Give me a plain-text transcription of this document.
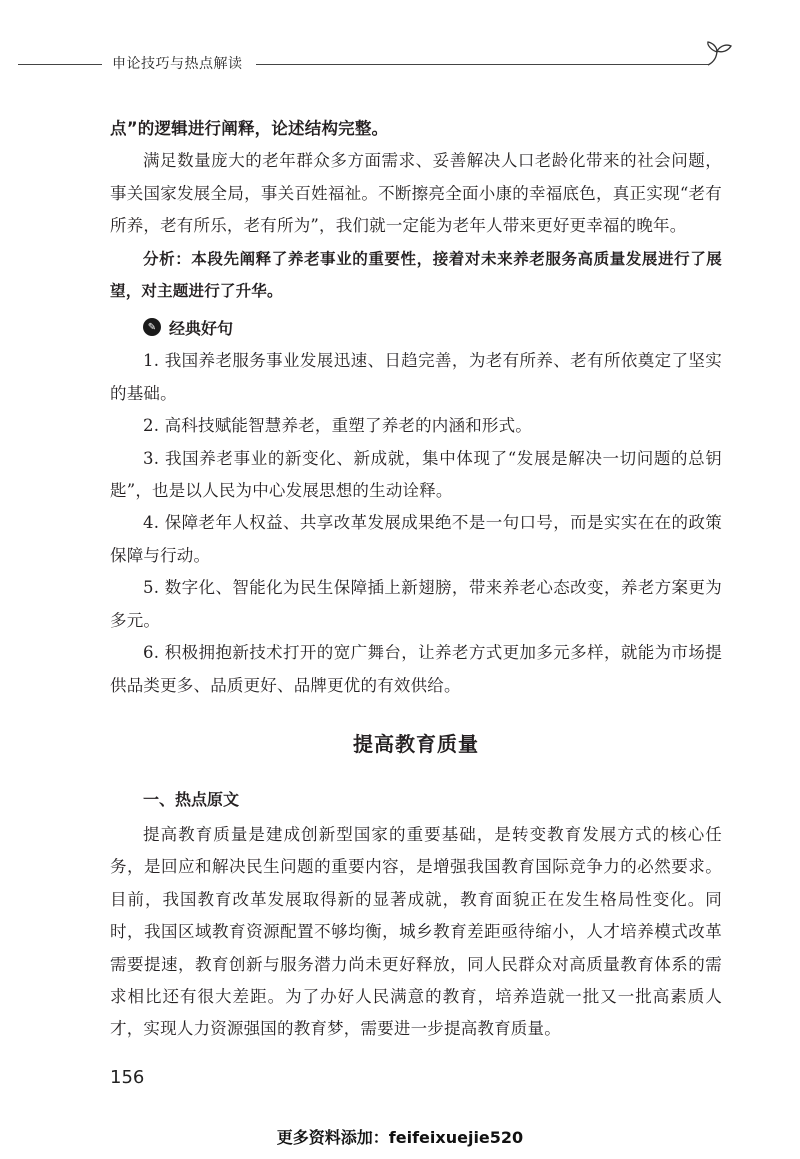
申论技巧与热点解读

点”的逻辑进行阐释，论述结构完整。

满足数量庞大的老年群众多方面需求、妥善解决人口老龄化带来的社会问题，事关国家发展全局，事关百姓福祉。不断擦亮全面小康的幸福底色，真正实现“老有所养，老有所乐，老有所为”，我们就一定能为老年人带来更好更幸福的晚年。

分析：本段先阐释了养老事业的重要性，接着对未来养老服务高质量发展进行了展望，对主题进行了升华。

✎ 经典好句

1. 我国养老服务事业发展迅速、日趋完善，为老有所养、老有所依奠定了坚实的基础。

2. 高科技赋能智慧养老，重塑了养老的内涵和形式。

3. 我国养老事业的新变化、新成就，集中体现了“发展是解决一切问题的总钥匙”，也是以人民为中心发展思想的生动诠释。

4. 保障老年人权益、共享改革发展成果绝不是一句口号，而是实实在在的政策保障与行动。

5. 数字化、智能化为民生保障插上新翅膀，带来养老心态改变，养老方案更为多元。

6. 积极拥抱新技术打开的宽广舞台，让养老方式更加多元多样，就能为市场提供品类更多、品质更好、品牌更优的有效供给。

提高教育质量
一、热点原文

提高教育质量是建成创新型国家的重要基础，是转变教育发展方式的核心任务，是回应和解决民生问题的重要内容，是增强我国教育国际竞争力的必然要求。目前，我国教育改革发展取得新的显著成就，教育面貌正在发生格局性变化。同时，我国区域教育资源配置不够均衡，城乡教育差距亟待缩小，人才培养模式改革需要提速，教育创新与服务潜力尚未更好释放，同人民群众对高质量教育体系的需求相比还有很大差距。为了办好人民满意的教育，培养造就一批又一批高素质人才，实现人力资源强国的教育梦，需要进一步提高教育质量。

156
更多资料添加：feifeixuejie520
